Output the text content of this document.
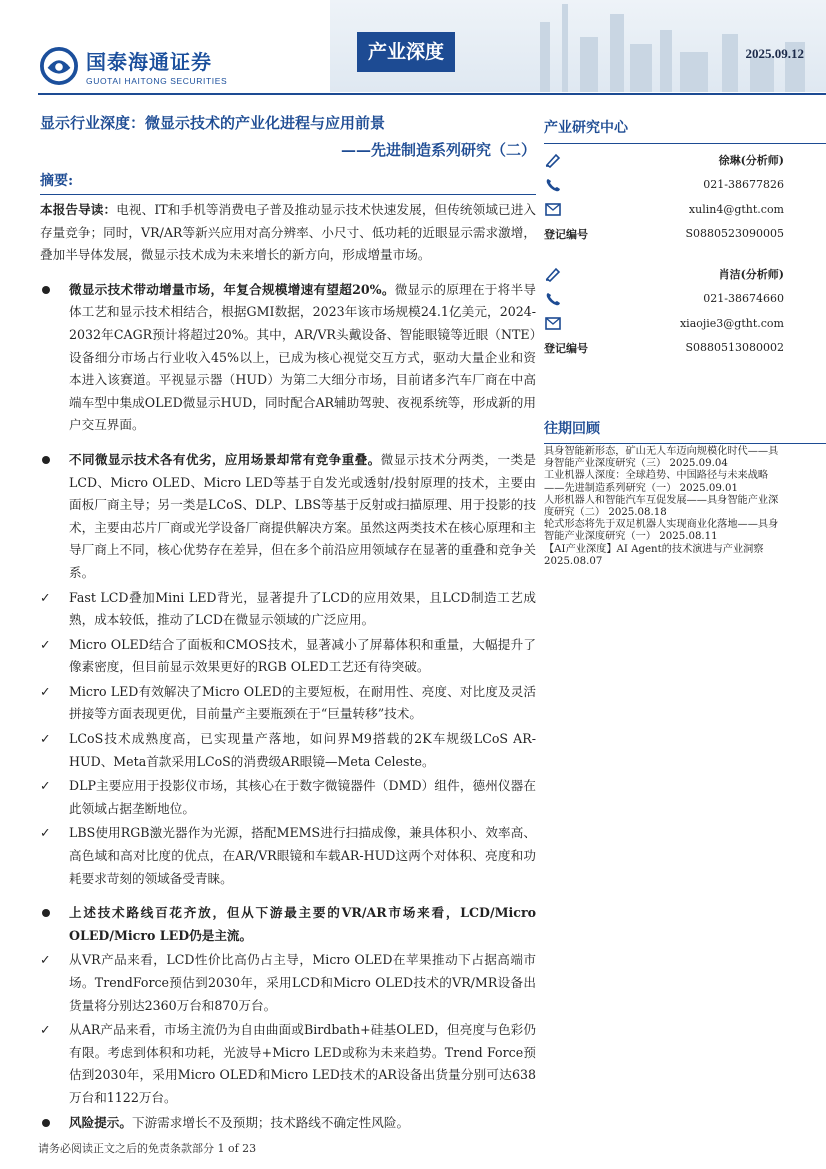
国泰海通证券
GUOTAI HAITONG SECURITIES
产业深度	2025.09.12
显示行业深度：微显示技术的产业化进程与应用前景
——先进制造系列研究（二）
摘要:
本报告导读：电视、IT和手机等消费电子普及推动显示技术快速发展，但传统领域已进入存量竞争；同时，VR/AR等新兴应用对高分辨率、小尺寸、低功耗的近眼显示需求激增，叠加半导体发展，微显示技术成为未来增长的新方向，形成增量市场。
微显示技术带动增量市场，年复合规模增速有望超20%。微显示的原理在于将半导体工艺和显示技术相结合，根据GMI数据，2023年该市场规模24.1亿美元，2024-2032年CAGR预计将超过20%。其中，AR/VR头戴设备、智能眼镜等近眼（NTE）设备细分市场占行业收入45%以上，已成为核心视觉交互方式，驱动大量企业和资本进入该赛道。平视显示器（HUD）为第二大细分市场，目前诸多汽车厂商在中高端车型中集成OLED微显示HUD，同时配合AR辅助驾驶、夜视系统等，形成新的用户交互界面。
不同微显示技术各有优劣，应用场景却常有竞争重叠。微显示技术分两类，一类是LCD、Micro OLED、Micro LED等基于自发光或透射/投射原理的技术，主要由面板厂商主导；另一类是LCoS、DLP、LBS等基于反射或扫描原理、用于投影的技术，主要由芯片厂商或光学设备厂商提供解决方案。虽然这两类技术在核心原理和主导厂商上不同，核心优势存在差异，但在多个前沿应用领域存在显著的重叠和竞争关系。
✓	Fast LCD叠加Mini LED背光，显著提升了LCD的应用效果，且LCD制造工艺成熟，成本较低，推动了LCD在微显示领域的广泛应用。
✓	Micro OLED结合了面板和CMOS技术，显著减小了屏幕体积和重量，大幅提升了像素密度，但目前显示效果更好的RGB OLED工艺还有待突破。
✓	Micro LED有效解决了Micro OLED的主要短板，在耐用性、亮度、对比度及灵活拼接等方面表现更优，目前量产主要瓶颈在于“巨量转移”技术。
✓	LCoS技术成熟度高，已实现量产落地，如问界M9搭载的2K车规级LCoS AR-HUD、Meta首款采用LCoS的消费级AR眼镜—Meta Celeste。
✓	DLP主要应用于投影仪市场，其核心在于数字微镜器件（DMD）组件，德州仪器在此领域占据垄断地位。
✓	LBS使用RGB激光器作为光源，搭配MEMS进行扫描成像，兼具体积小、效率高、高色域和高对比度的优点，在AR/VR眼镜和车载AR-HUD这两个对体积、亮度和功耗要求苛刻的领域备受青睐。
上述技术路线百花齐放，但从下游最主要的VR/AR市场来看，LCD/Micro OLED/Micro LED仍是主流。
✓	从VR产品来看，LCD性价比高仍占主导，Micro OLED在苹果推动下占据高端市场。TrendForce预估到2030年，采用LCD和Micro OLED技术的VR/MR设备出货量将分别达2360万台和870万台。
✓	从AR产品来看，市场主流仍为自由曲面或Birdbath+硅基OLED，但亮度与色彩仍有限。考虑到体积和功耗，光波导+Micro LED或称为未来趋势。Trend Force预估到2030年，采用Micro OLED和Micro LED技术的AR设备出货量分别可达638万台和1122万台。
风险提示。下游需求增长不及预期；技术路线不确定性风险。
产业研究中心
徐琳(分析师)
021-38677826
xulin4@gtht.com
登记编号	S0880523090005
肖洁(分析师)
021-38674660
xiaojie3@gtht.com
登记编号	S0880513080002
往期回顾

具身智能新形态，矿山无人车迈向规模化时代——具身智能产业深度研究（三） 2025.09.04

工业机器人深度：全球趋势、中国路径与未来战略——先进制造系列研究（一） 2025.09.01

人形机器人和智能汽车互促发展——具身智能产业深度研究（二） 2025.08.18

轮式形态将先于双足机器人实现商业化落地——具身智能产业深度研究（一） 2025.08.11

【AI产业深度】AI Agent的技术演进与产业洞察 2025.08.07

请务必阅读正文之后的免责条款部分 1 of 23
